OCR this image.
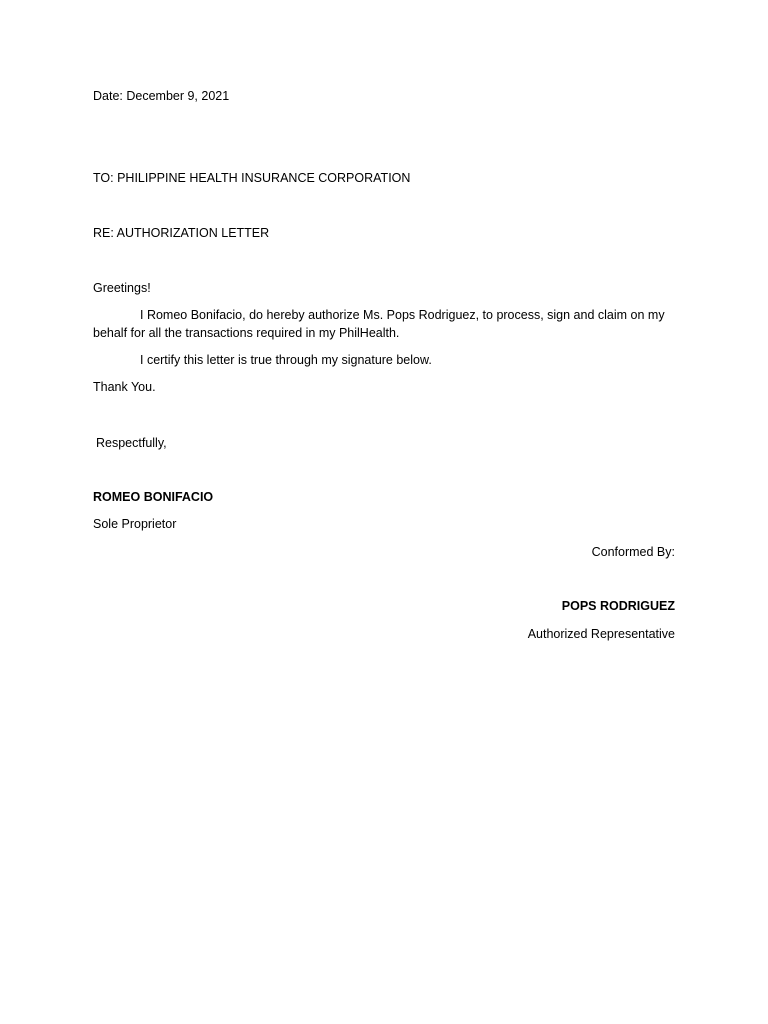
Date: December 9, 2021
TO: PHILIPPINE HEALTH INSURANCE CORPORATION
RE: AUTHORIZATION LETTER
Greetings!
I Romeo Bonifacio, do hereby authorize Ms. Pops Rodriguez, to process, sign and claim on my behalf for all the transactions required in my PhilHealth.
I certify this letter is true through my signature below.
Thank You.
Respectfully,
ROMEO BONIFACIO
Sole Proprietor
Conformed By:
POPS RODRIGUEZ
Authorized Representative
